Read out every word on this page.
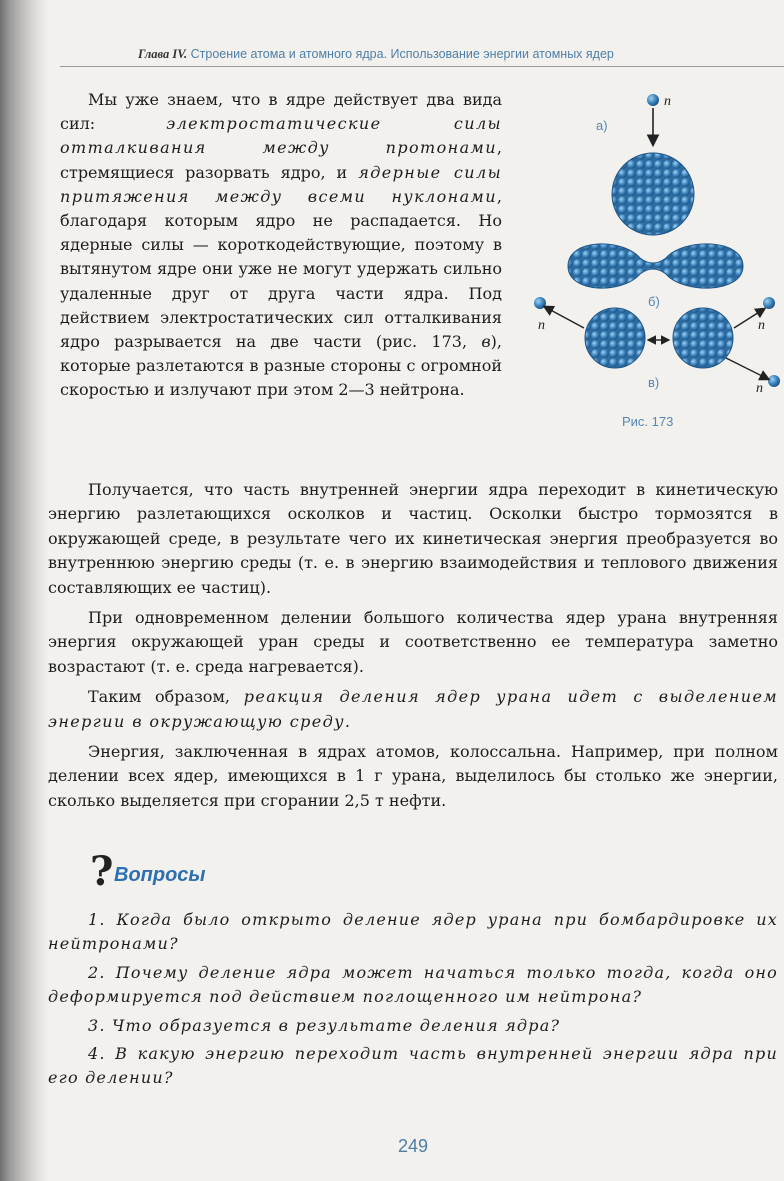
Глава IV. Строение атома и атомного ядра. Использование энергии атомных ядер

Мы уже знаем, что в ядре действует два вида сил: электростатические силы отталкивания между протонами, стремящиеся разорвать ядро, и ядерные силы притяжения между всеми нуклонами, благодаря которым ядро не распадается. Но ядерные силы — короткодействующие, поэтому в вытянутом ядре они уже не могут удержать сильно удаленные друг от друга части ядра. Под действием электростатических сил отталкивания ядро разрывается на две части (рис. 173, в), которые разлетаются в разные стороны с огромной скоростью и излучают при этом 2—3 нейтрона.

n
а)
б)
n	n
n
в)
Рис. 173

Получается, что часть внутренней энергии ядра переходит в кинетическую энергию разлетающихся осколков и частиц. Осколки быстро тормозятся в окружающей среде, в результате чего их кинетическая энергия преобразуется во внутреннюю энергию среды (т. е. в энергию взаимодействия и теплового движения составляющих ее частиц).

При одновременном делении большого количества ядер урана внутренняя энергия окружающей уран среды и соответственно ее температура заметно возрастают (т. е. среда нагревается).

Таким образом, реакция деления ядер урана идет с выделением энергии в окружающую среду.

Энергия, заключенная в ядрах атомов, колоссальна. Например, при полном делении всех ядер, имеющихся в 1 г урана, выделилось бы столько же энергии, сколько выделяется при сгорании 2,5 т нефти.

? Вопросы

1. Когда было открыто деление ядер урана при бомбардировке их нейтронами?

2. Почему деление ядра может начаться только тогда, когда оно деформируется под действием поглощенного им нейтрона?

3. Что образуется в результате деления ядра?

4. В какую энергию переходит часть внутренней энергии ядра при его делении?

249
